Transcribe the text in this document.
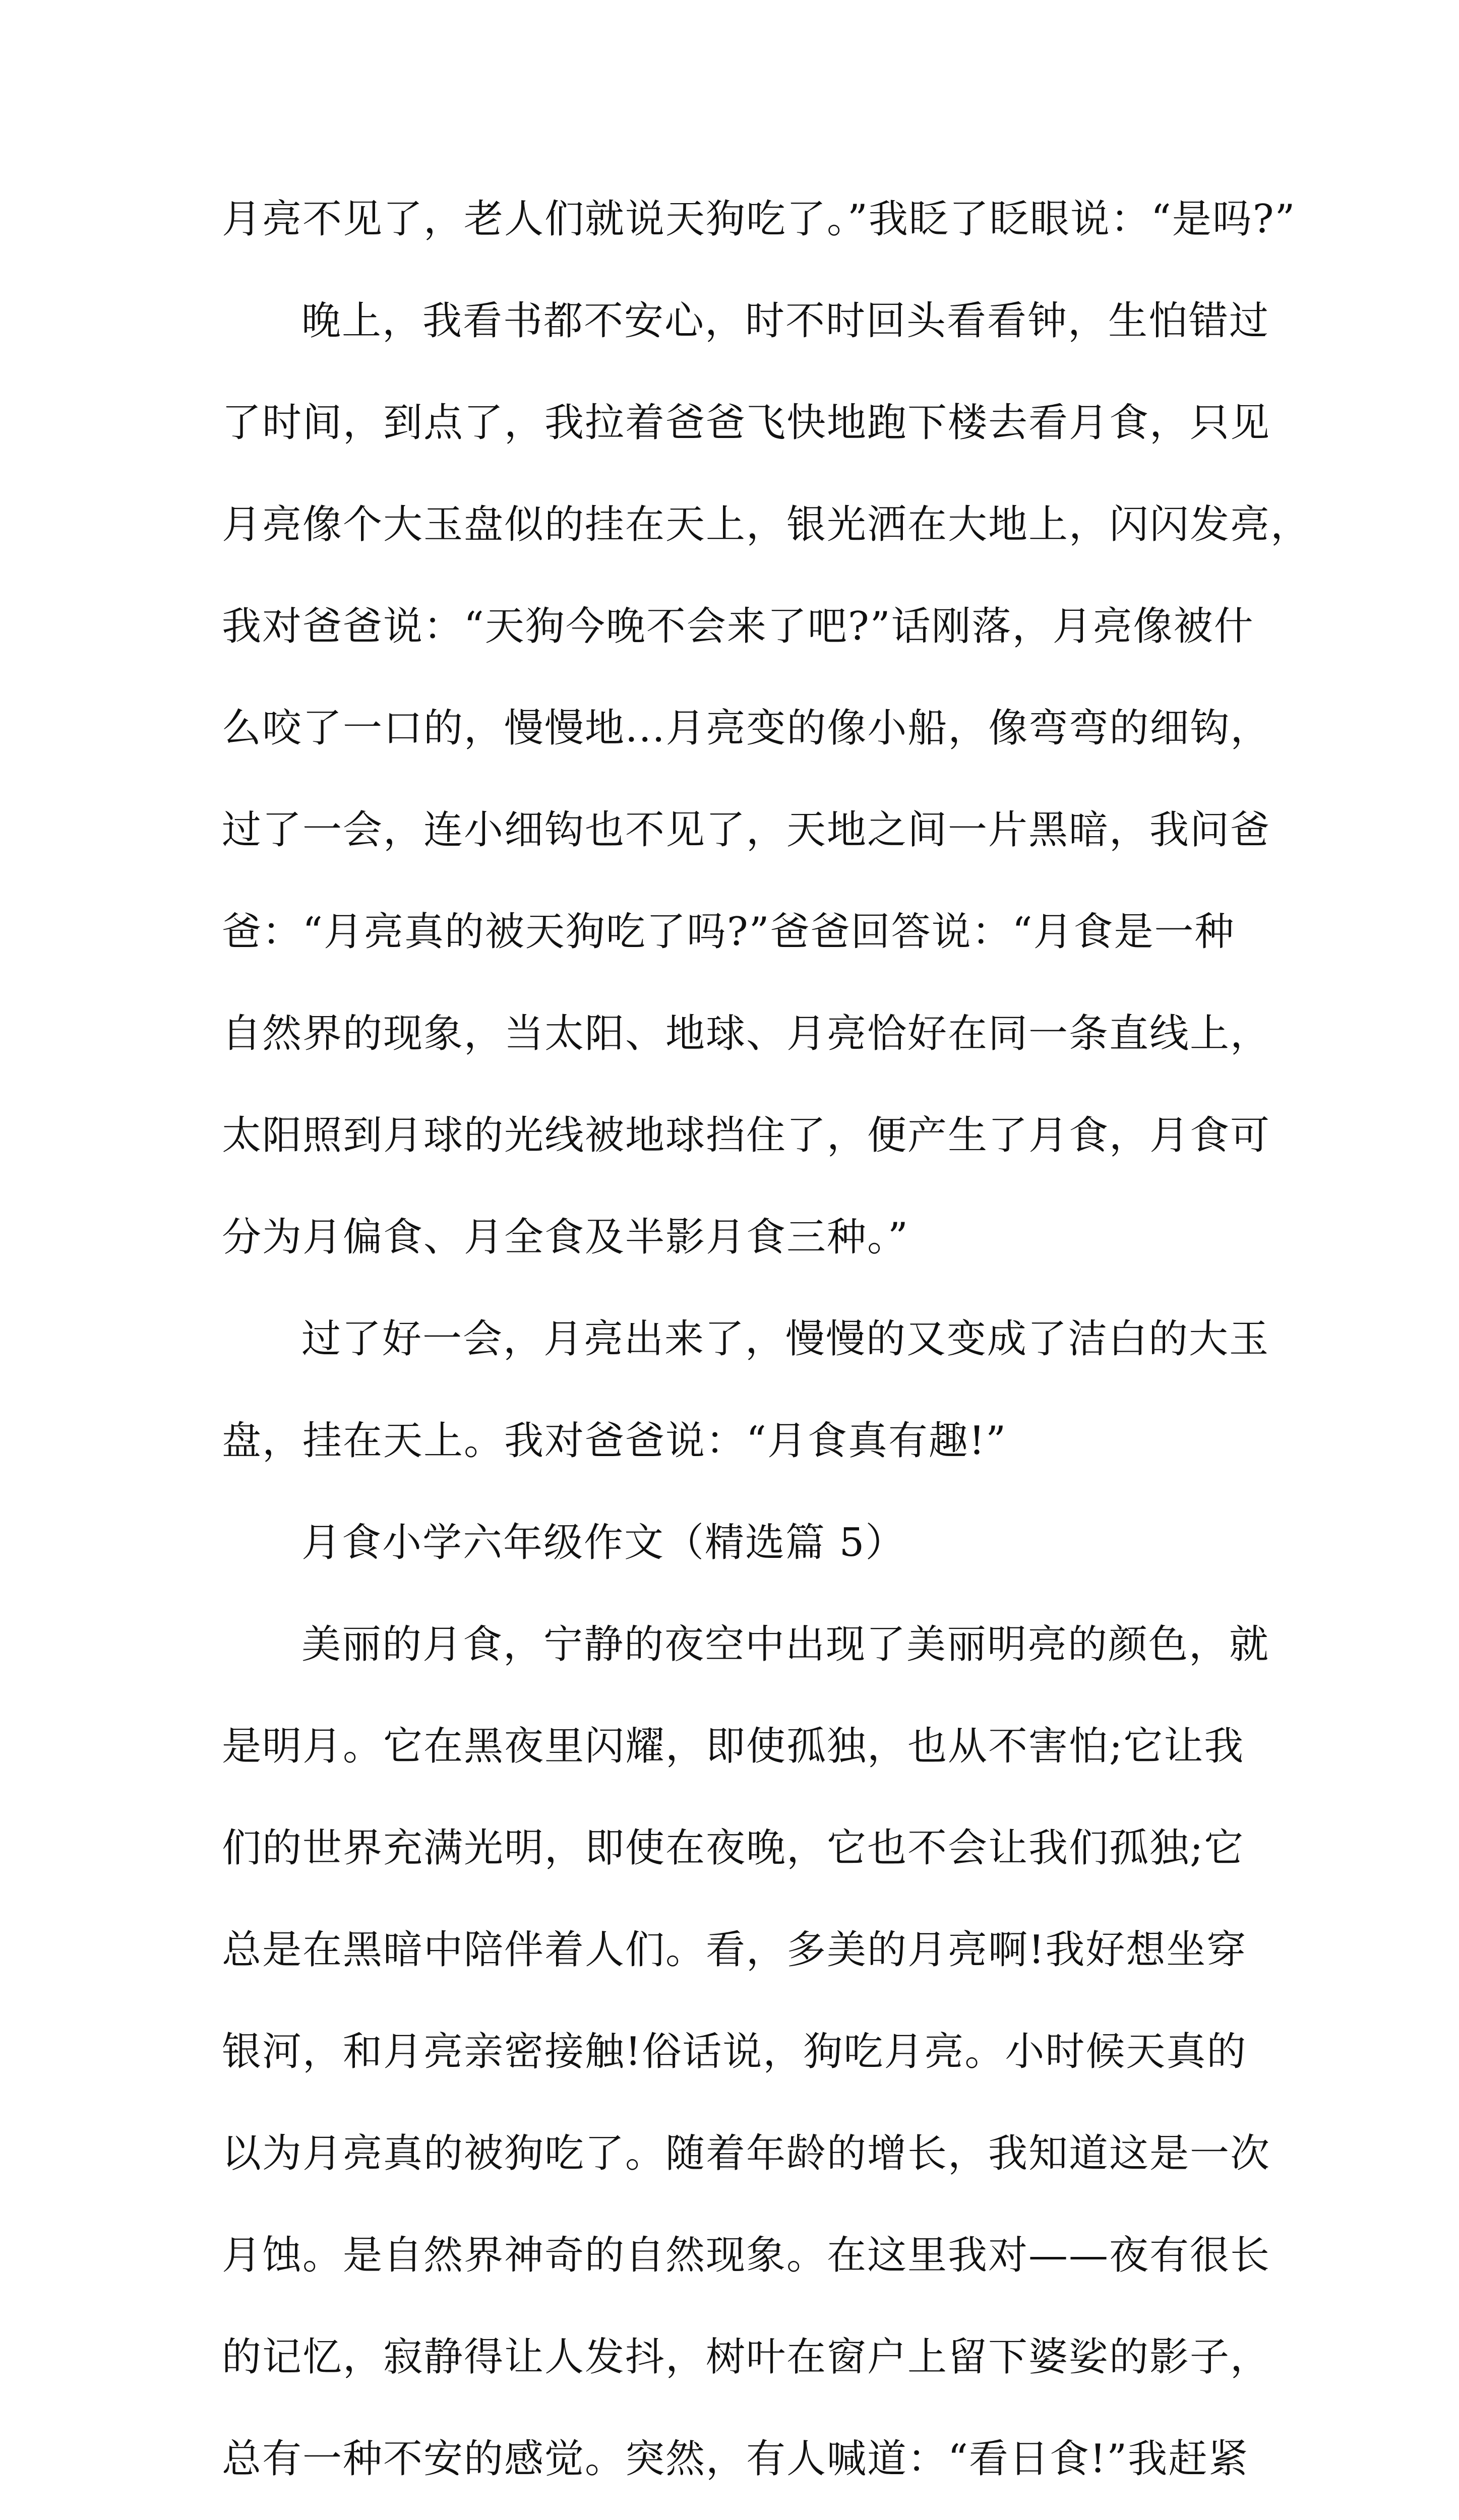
月亮不见了，老人们就说天狗吃了。”我眨了眨眼说：“是吗?”
晚上，我看书都不安心，时不时回头看看钟，生怕错过
了时间，到点了，我拉着爸爸飞快地跑下楼去看月食，只见
月亮像个大玉盘似的挂在天上，银光洒在大地上，闪闪发亮，
我对爸爸说：“天狗今晚不会来了吧?”话刚落，月亮像被什
么咬了一口的，慢慢地...月亮变的像小船，像弯弯的细钩，
过了一会，连小细钩也不见了，天地之间一片黑暗，我问爸
爸：“月亮真的被天狗吃了吗?”爸爸回答说：“月食是一种
自然界的现象，当太阳、地球、月亮恰好在同一条直线上，
太阳照到月球的光线被地球挡住了，便产生了月食，月食可
分为月偏食、月全食及半影月食三种。”
过了好一会，月亮出来了，慢慢的又变成了洁白的大玉
盘，挂在天上。我对爸爸说：“月食真有趣!”
月食小学六年级作文（精选篇 5）
美丽的月食，宁静的夜空中出现了美丽明亮的颜色，就
是明月。它在黑夜里闪耀，即使孤独，也从不害怕;它让我
们的世界充满光明，即使在夜晚，它也不会让我们孤独;它
总是在黑暗中陪伴着人们。看，多美的月亮啊!我好想坐穿
银河，和月亮亲密接触!俗话说，狗吃月亮。小时候天真的
以为月亮真的被狗吃了。随着年龄的增长，我知道这是一次
月蚀。是自然界神奇的自然现象。在这里我对——夜有很长
的记忆，寂静得让人发抖，树叶在窗户上留下婆娑的影子，
总有一种不安的感觉。突然，有人喊道：“看日食!”我赶紧
